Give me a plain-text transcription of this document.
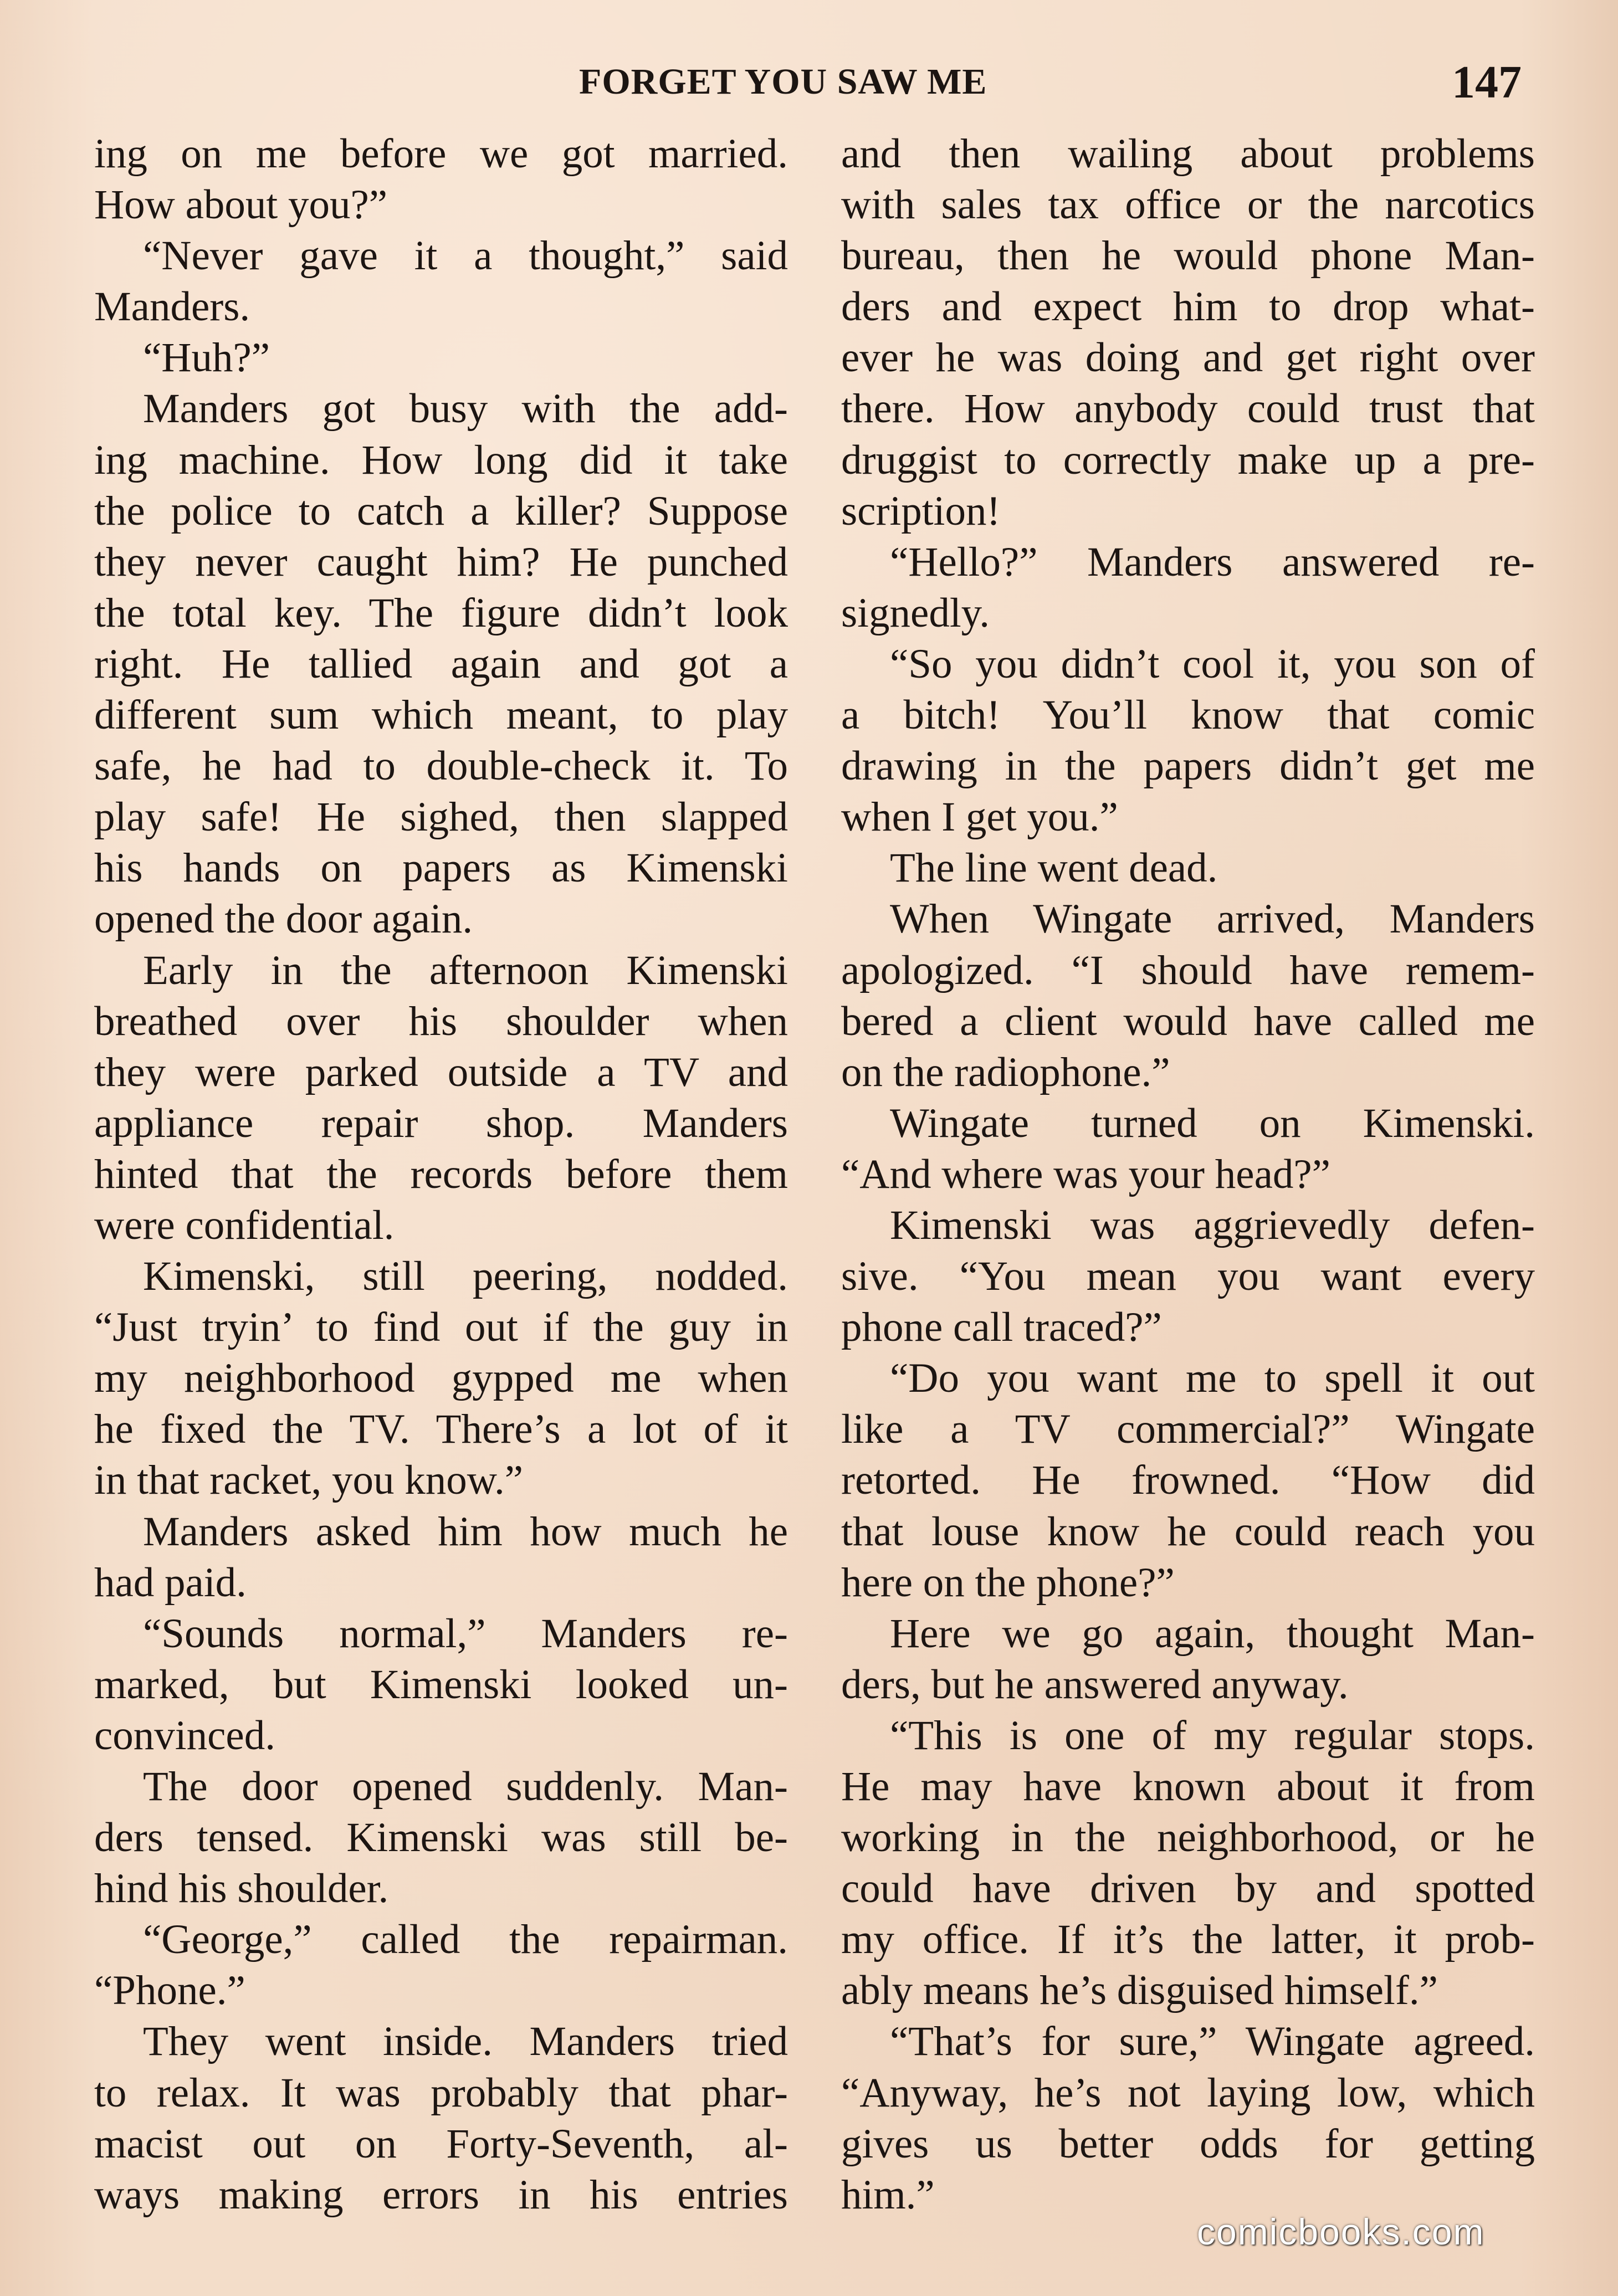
FORGET YOU SAW ME	147
ing on me before we got married.
How about you?”
“Never gave it a thought,” said
Manders.
“Huh?”
Manders got busy with the add-
ing machine. How long did it take
the police to catch a killer? Suppose
they never caught him? He punched
the total key. The figure didn’t look
right. He tallied again and got a
different sum which meant, to play
safe, he had to double-check it. To
play safe! He sighed, then slapped
his hands on papers as Kimenski
opened the door again.
Early in the afternoon Kimenski
breathed over his shoulder when
they were parked outside a TV and
appliance repair shop. Manders
hinted that the records before them
were confidential.
Kimenski, still peering, nodded.
“Just tryin’ to find out if the guy in
my neighborhood gypped me when
he fixed the TV. There’s a lot of it
in that racket, you know.”
Manders asked him how much he
had paid.
“Sounds normal,” Manders re-
marked, but Kimenski looked un-
convinced.
The door opened suddenly. Man-
ders tensed. Kimenski was still be-
hind his shoulder.
“George,” called the repairman.
“Phone.”
They went inside. Manders tried
to relax. It was probably that phar-
macist out on Forty-Seventh, al-
ways making errors in his entries
and then wailing about problems
with sales tax office or the narcotics
bureau, then he would phone Man-
ders and expect him to drop what-
ever he was doing and get right over
there. How anybody could trust that
druggist to correctly make up a pre-
scription!
“Hello?” Manders answered re-
signedly.
“So you didn’t cool it, you son of
a bitch! You’ll know that comic
drawing in the papers didn’t get me
when I get you.”
The line went dead.
When Wingate arrived, Manders
apologized. “I should have remem-
bered a client would have called me
on the radiophone.”
Wingate turned on Kimenski.
“And where was your head?”
Kimenski was aggrievedly defen-
sive. “You mean you want every
phone call traced?”
“Do you want me to spell it out
like a TV commercial?” Wingate
retorted. He frowned. “How did
that louse know he could reach you
here on the phone?”
Here we go again, thought Man-
ders, but he answered anyway.
“This is one of my regular stops.
He may have known about it from
working in the neighborhood, or he
could have driven by and spotted
my office. If it’s the latter, it prob-
ably means he’s disguised himself.”
“That’s for sure,” Wingate agreed.
“Anyway, he’s not laying low, which
gives us better odds for getting
him.”
comicbooks.com
